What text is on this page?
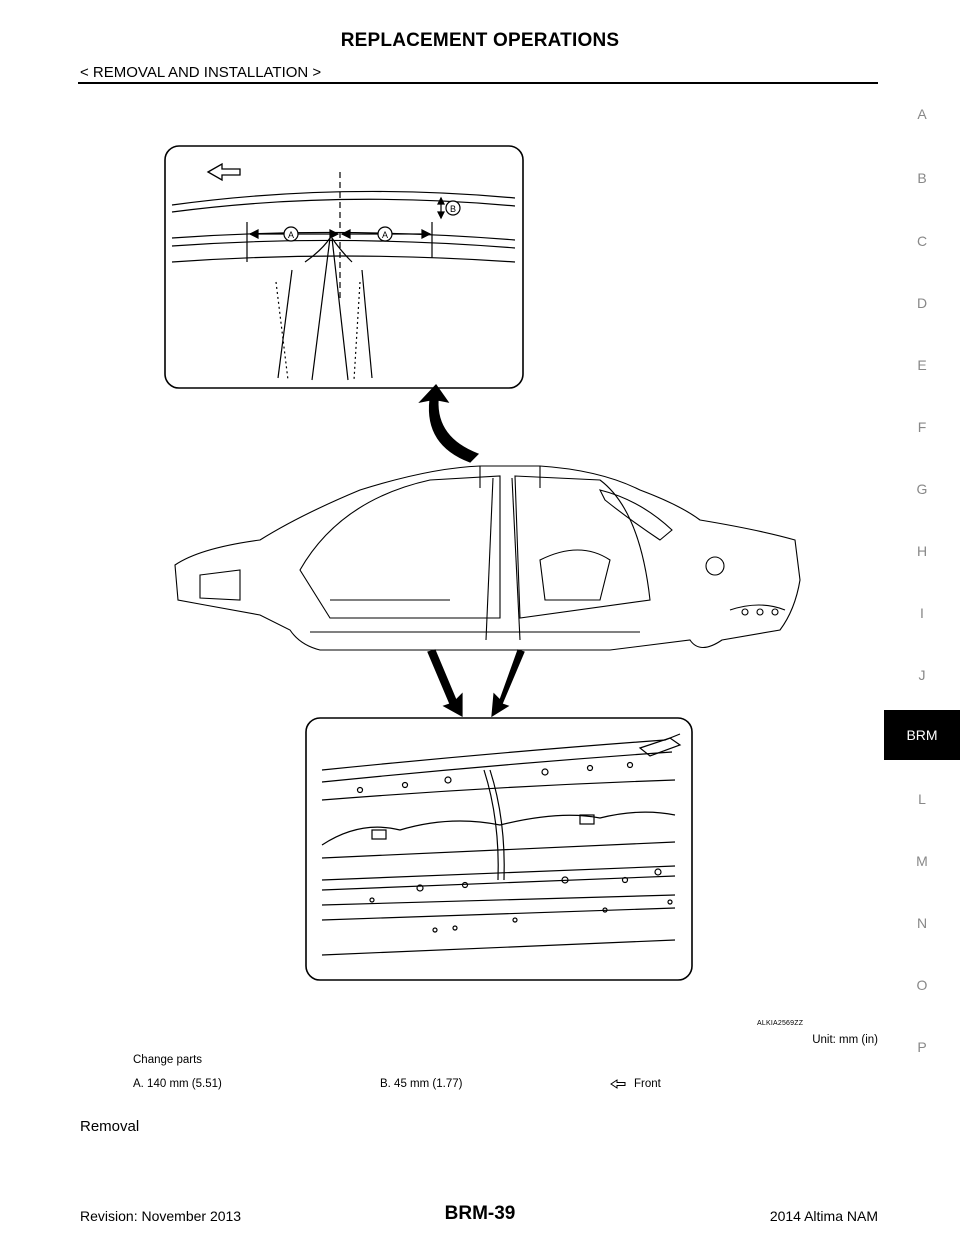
REPLACEMENT OPERATIONS
< REMOVAL AND INSTALLATION >
A
B
C
D
E
F
G
H
I
J
BRM
L
M
N
O
P
A	A
B
ALKIA2569ZZ
Unit: mm (in)
Change parts
A. 140 mm (5.51)	B. 45 mm (1.77)	Front
Removal
Revision: November 2013	BRM-39	2014 Altima NAM
